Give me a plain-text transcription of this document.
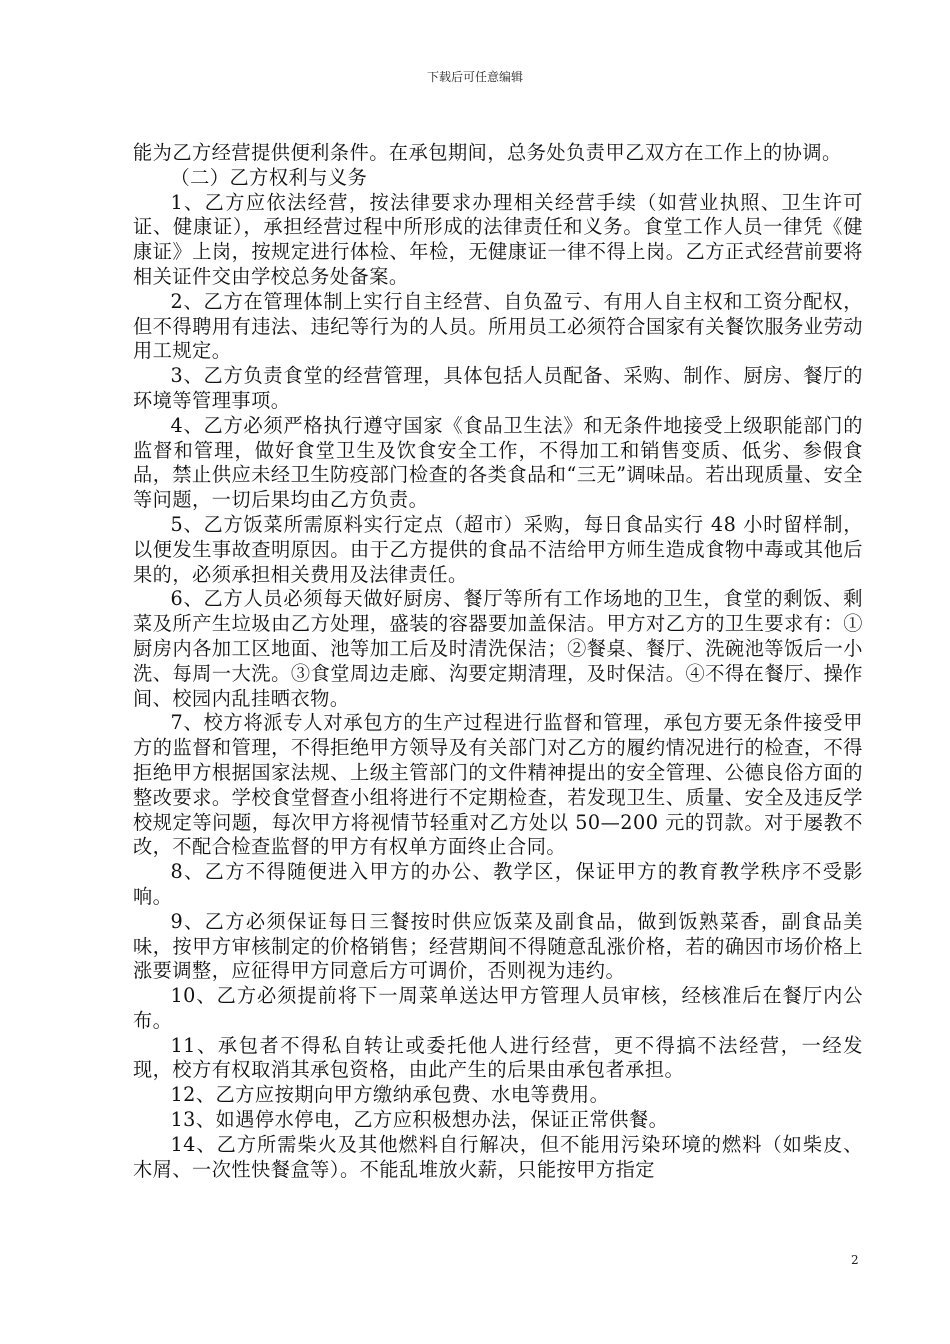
下载后可任意编辑

能为乙方经营提供便利条件。在承包期间，总务处负责甲乙双方在工作上的协调。

（二）乙方权利与义务

1、乙方应依法经营，按法律要求办理相关经营手续（如营业执照、卫生许可证、健康证），承担经营过程中所形成的法律责任和义务。食堂工作人员一律凭《健康证》上岗，按规定进行体检、年检，无健康证一律不得上岗。乙方正式经营前要将相关证件交由学校总务处备案。

2、乙方在管理体制上实行自主经营、自负盈亏、有用人自主权和工资分配权，但不得聘用有违法、违纪等行为的人员。所用员工必须符合国家有关餐饮服务业劳动用工规定。

3、乙方负责食堂的经营管理，具体包括人员配备、采购、制作、厨房、餐厅的环境等管理事项。

4、乙方必须严格执行遵守国家《食品卫生法》和无条件地接受上级职能部门的监督和管理，做好食堂卫生及饮食安全工作，不得加工和销售变质、低劣、参假食品，禁止供应未经卫生防疫部门检查的各类食品和“三无”调味品。若出现质量、安全等问题，一切后果均由乙方负责。

5、乙方饭菜所需原料实行定点（超市）采购，每日食品实行 48 小时留样制，以便发生事故查明原因。由于乙方提供的食品不洁给甲方师生造成食物中毒或其他后果的，必须承担相关费用及法律责任。

6、乙方人员必须每天做好厨房、餐厅等所有工作场地的卫生，食堂的剩饭、剩菜及所产生垃圾由乙方处理，盛装的容器要加盖保洁。甲方对乙方的卫生要求有：①厨房内各加工区地面、池等加工后及时清洗保洁；②餐桌、餐厅、洗碗池等饭后一小洗、每周一大洗。③食堂周边走廊、沟要定期清理，及时保洁。④不得在餐厅、操作间、校园内乱挂晒衣物。

7、校方将派专人对承包方的生产过程进行监督和管理，承包方要无条件接受甲方的监督和管理，不得拒绝甲方领导及有关部门对乙方的履约情况进行的检查，不得拒绝甲方根据国家法规、上级主管部门的文件精神提出的安全管理、公德良俗方面的整改要求。学校食堂督查小组将进行不定期检查，若发现卫生、质量、安全及违反学校规定等问题，每次甲方将视情节轻重对乙方处以 50—200 元的罚款。对于屡教不改，不配合检查监督的甲方有权单方面终止合同。

8、乙方不得随便进入甲方的办公、教学区，保证甲方的教育教学秩序不受影响。

9、乙方必须保证每日三餐按时供应饭菜及副食品，做到饭熟菜香，副食品美味，按甲方审核制定的价格销售；经营期间不得随意乱涨价格，若的确因市场价格上涨要调整，应征得甲方同意后方可调价，否则视为违约。

10、乙方必须提前将下一周菜单送达甲方管理人员审核，经核准后在餐厅内公布。

11、承包者不得私自转让或委托他人进行经营，更不得搞不法经营，一经发现，校方有权取消其承包资格，由此产生的后果由承包者承担。

12、乙方应按期向甲方缴纳承包费、水电等费用。

13、如遇停水停电，乙方应积极想办法，保证正常供餐。

14、乙方所需柴火及其他燃料自行解决，但不能用污染环境的燃料（如柴皮、木屑、一次性快餐盒等）。不能乱堆放火薪，只能按甲方指定

2
